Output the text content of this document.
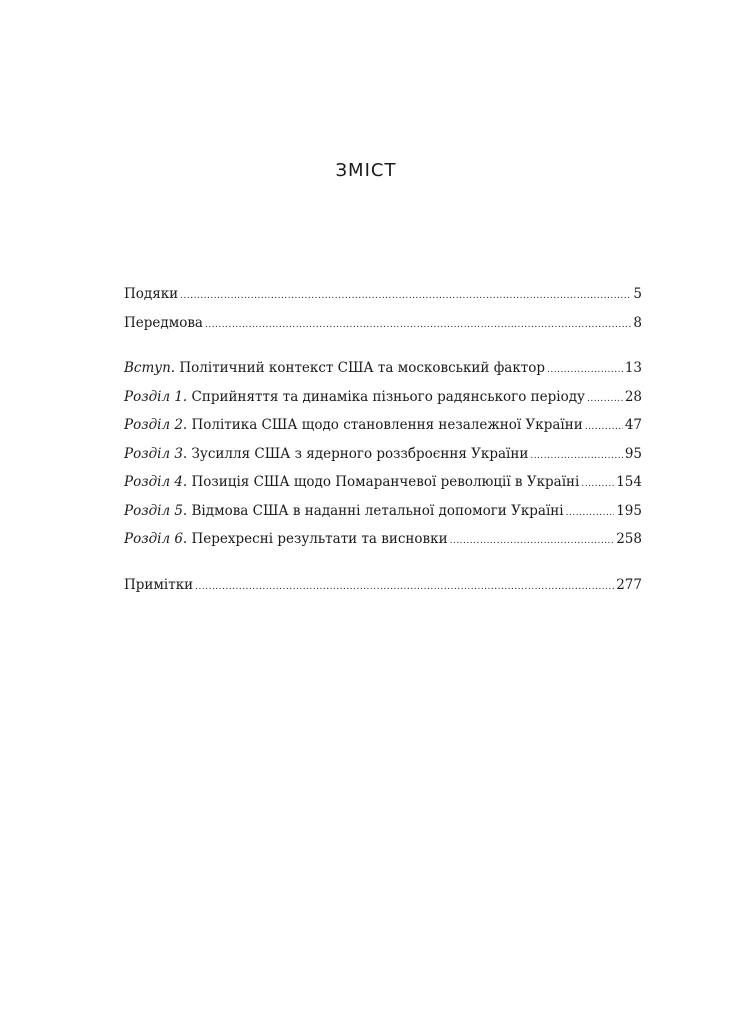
ЗМІСТ
Подяки .....	5
Передмова .....	8
Вступ. Політичний контекст США та московський фактор .....	13
Розділ 1. Сприйняття та динаміка пізнього радянського періоду .....	28
Розділ 2. Політика США щодо становлення незалежної України .....	47
Розділ 3. Зусилля США з ядерного роззброєння України .....	95
Розділ 4. Позиція США щодо Помаранчевої революції в Україні .....	154
Розділ 5. Відмова США в наданні летальної допомоги Україні .....	195
Розділ 6. Перехресні результати та висновки .....	258
Примітки .....	277
